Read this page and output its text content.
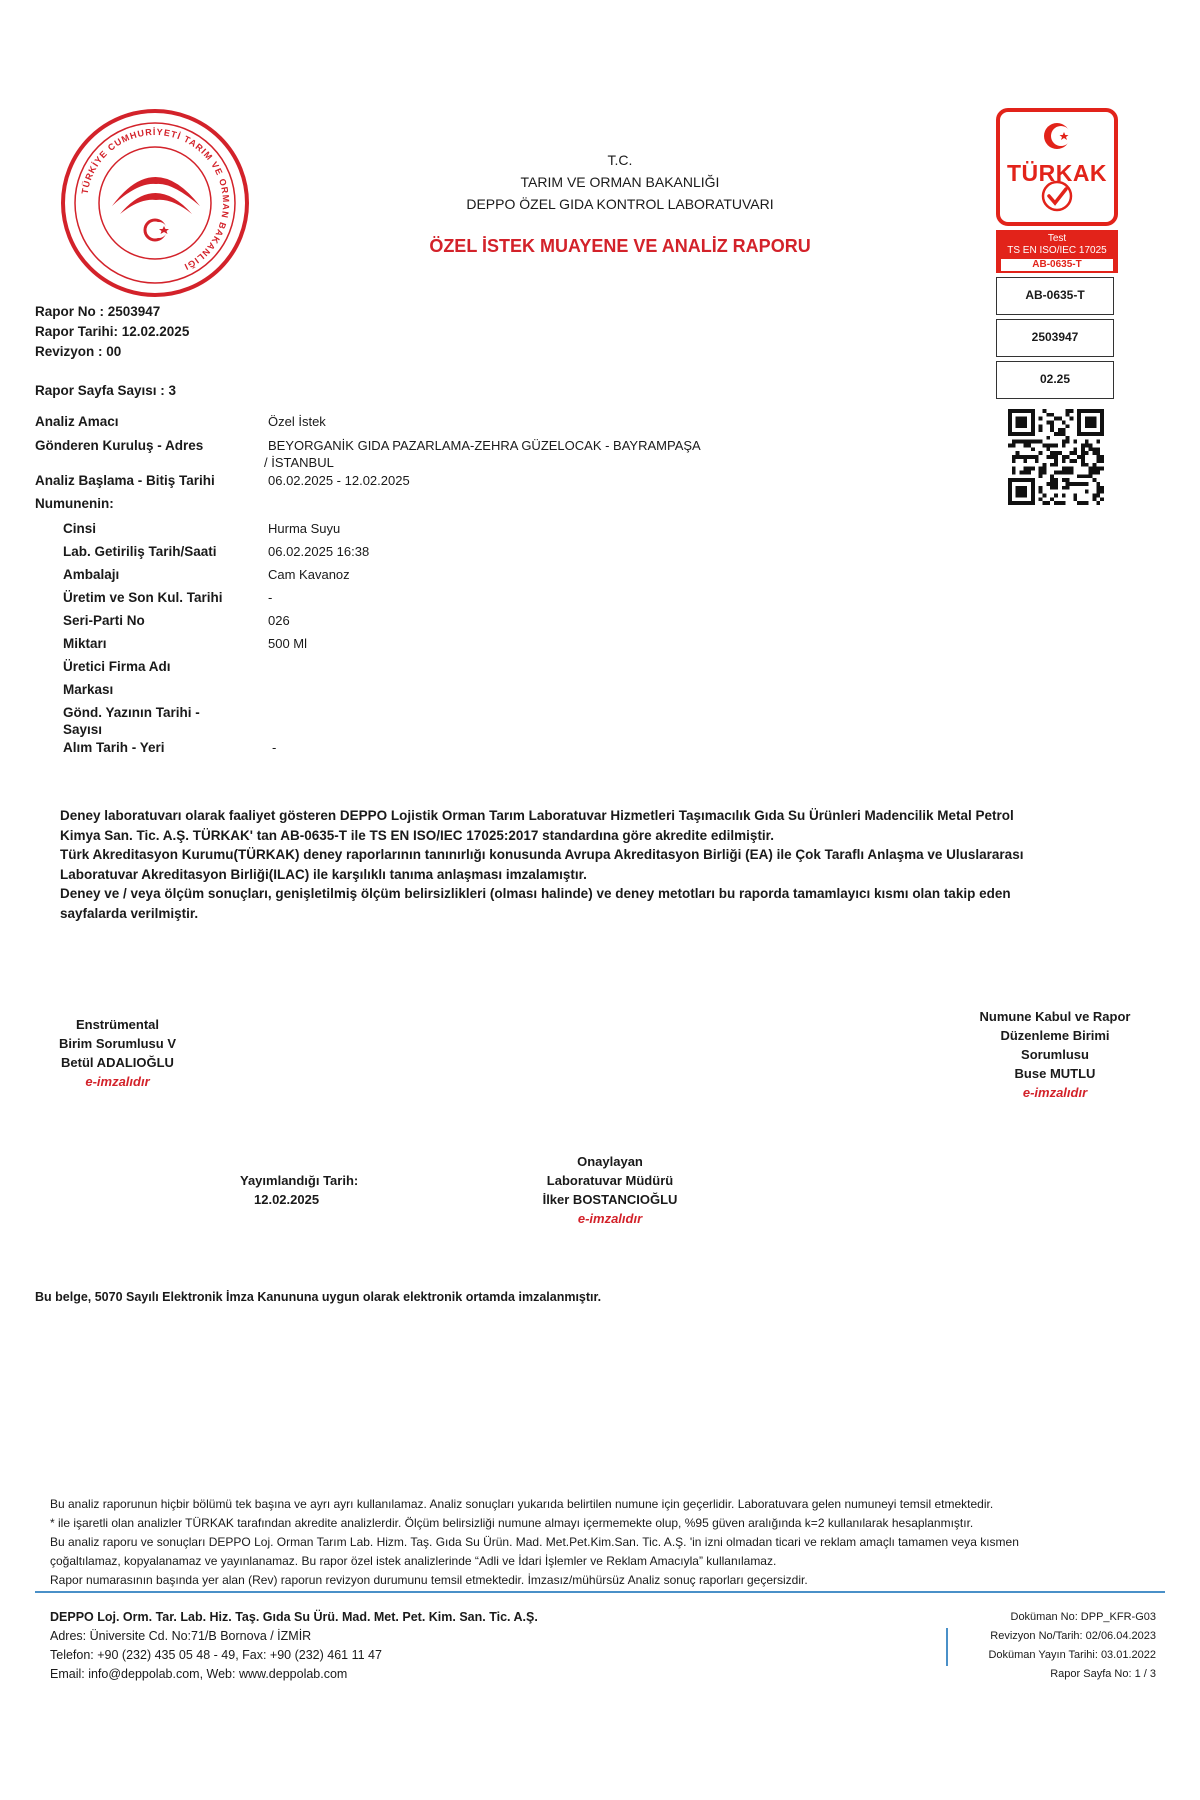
TÜRKİYE CUMHURİYETİ TARIM VE ORMAN BAKANLIĞI
T.C.
TARIM VE ORMAN BAKANLIĞI
DEPPO ÖZEL GIDA KONTROL LABORATUVARI
ÖZEL İSTEK MUAYENE VE ANALİZ RAPORU
TÜRKAK
Test
TS EN ISO/IEC 17025
AB-0635-T
AB-0635-T
2503947
02.25
Rapor No : 2503947
Rapor Tarihi: 12.02.2025
Revizyon : 00
Rapor Sayfa Sayısı : 3
Analiz Amacı	Özel İstek
Gönderen Kuruluş - Adres	BEYORGANİK GIDA PAZARLAMA-ZEHRA GÜZELOCAK - BAYRAMPAŞA
/ İSTANBUL
Analiz Başlama - Bitiş Tarihi	06.02.2025 - 12.02.2025
Numunenin:
Cinsi	Hurma Suyu
Lab. Getiriliş Tarih/Saati	06.02.2025 16:38
Ambalajı	Cam Kavanoz
Üretim ve Son Kul. Tarihi	-
Seri-Parti No	026
Miktarı	500 Ml
Üretici Firma Adı
Markası
Gönd. Yazının Tarihi -
Sayısı
Alım Tarih - Yeri	-
Deney laboratuvarı olarak faaliyet gösteren DEPPO Lojistik Orman Tarım Laboratuvar Hizmetleri Taşımacılık Gıda Su Ürünleri Madencilik Metal Petrol
Kimya San. Tic. A.Ş. TÜRKAK' tan AB-0635-T ile TS EN ISO/IEC 17025:2017 standardına göre akredite edilmiştir.
Türk Akreditasyon Kurumu(TÜRKAK) deney raporlarının tanınırlığı konusunda Avrupa Akreditasyon Birliği (EA) ile Çok Taraflı Anlaşma ve Uluslararası
Laboratuvar Akreditasyon Birliği(ILAC) ile karşılıklı tanıma anlaşması imzalamıştır.
Deney ve / veya ölçüm sonuçları, genişletilmiş ölçüm belirsizlikleri (olması halinde) ve deney metotları bu raporda tamamlayıcı kısmı olan takip eden
sayfalarda verilmiştir.
Enstrümental
Birim Sorumlusu V
Betül ADALIOĞLU
e-imzalıdır
Numune Kabul ve Rapor
Düzenleme Birimi
Sorumlusu
Buse MUTLU
e-imzalıdır
Yayımlandığı Tarih:
12.02.2025
Onaylayan
Laboratuvar Müdürü
İlker BOSTANCIOĞLU
e-imzalıdır
Bu belge, 5070 Sayılı Elektronik İmza Kanununa uygun olarak elektronik ortamda imzalanmıştır.
Bu analiz raporunun hiçbir bölümü tek başına ve ayrı ayrı kullanılamaz. Analiz sonuçları yukarıda belirtilen numune için geçerlidir. Laboratuvara gelen numuneyi temsil etmektedir.
* ile işaretli olan analizler TÜRKAK tarafından akredite analizlerdir. Ölçüm belirsizliği numune almayı içermemekte olup, %95 güven aralığında k=2 kullanılarak hesaplanmıştır.
Bu analiz raporu ve sonuçları DEPPO Loj. Orman Tarım Lab. Hizm. Taş. Gıda Su Ürün. Mad. Met.Pet.Kim.San. Tic. A.Ş. 'in izni olmadan ticari ve reklam amaçlı tamamen veya kısmen
çoğaltılamaz, kopyalanamaz ve yayınlanamaz. Bu rapor özel istek analizlerinde “Adli ve İdari İşlemler ve Reklam Amacıyla” kullanılamaz.
Rapor numarasının başında yer alan (Rev) raporun revizyon durumunu temsil etmektedir. İmzasız/mühürsüz Analiz sonuç raporları geçersizdir.
DEPPO Loj. Orm. Tar. Lab. Hiz. Taş. Gıda Su Ürü. Mad. Met. Pet. Kim. San. Tic. A.Ş.
Adres: Üniversite Cd. No:71/B Bornova / İZMİR
Telefon: +90 (232) 435 05 48 - 49, Fax: +90 (232) 461 11 47
Email: info@deppolab.com, Web: www.deppolab.com
Doküman No: DPP_KFR-G03
Revizyon No/Tarih: 02/06.04.2023
Doküman Yayın Tarihi: 03.01.2022
Rapor Sayfa No: 1 / 3
